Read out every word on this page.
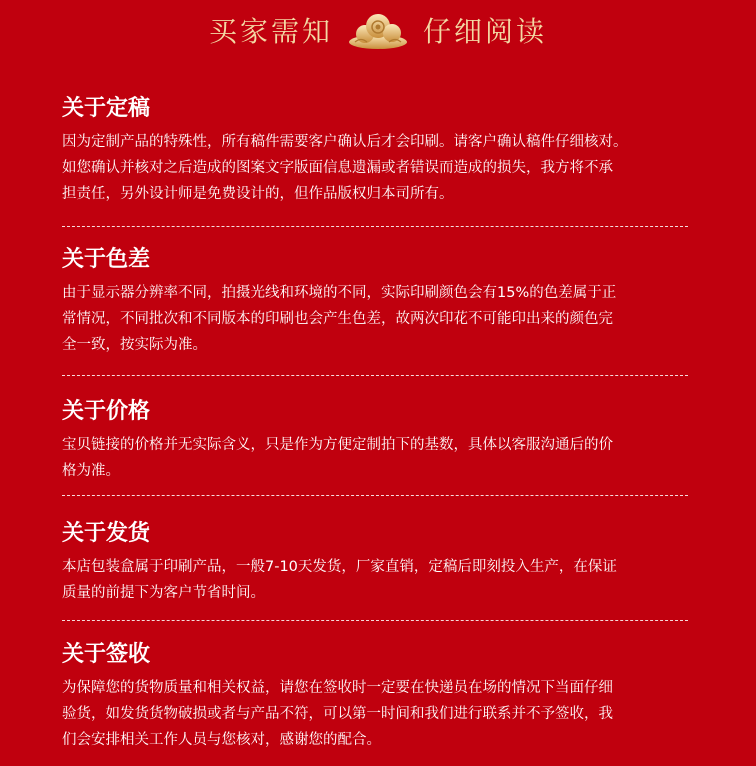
买家需知	仔细阅读
关于定稿

因为定制产品的特殊性，所有稿件需要客户确认后才会印刷。请客户确认稿件仔细核对。
如您确认并核对之后造成的图案文字版面信息遗漏或者错误而造成的损失，我方将不承
担责任，另外设计师是免费设计的，但作品版权归本司所有。

关于色差

由于显示器分辨率不同，拍摄光线和环境的不同，实际印刷颜色会有15%的色差属于正
常情况，不同批次和不同版本的印刷也会产生色差，故两次印花不可能印出来的颜色完
全一致，按实际为准。

关于价格

宝贝链接的价格并无实际含义，只是作为方便定制拍下的基数，具体以客服沟通后的价
格为准。

关于发货

本店包装盒属于印刷产品，一般7-10天发货，厂家直销，定稿后即刻投入生产，在保证
质量的前提下为客户节省时间。

关于签收

为保障您的货物质量和相关权益，请您在签收时一定要在快递员在场的情况下当面仔细
验货，如发货货物破损或者与产品不符，可以第一时间和我们进行联系并不予签收，我
们会安排相关工作人员与您核对，感谢您的配合。
